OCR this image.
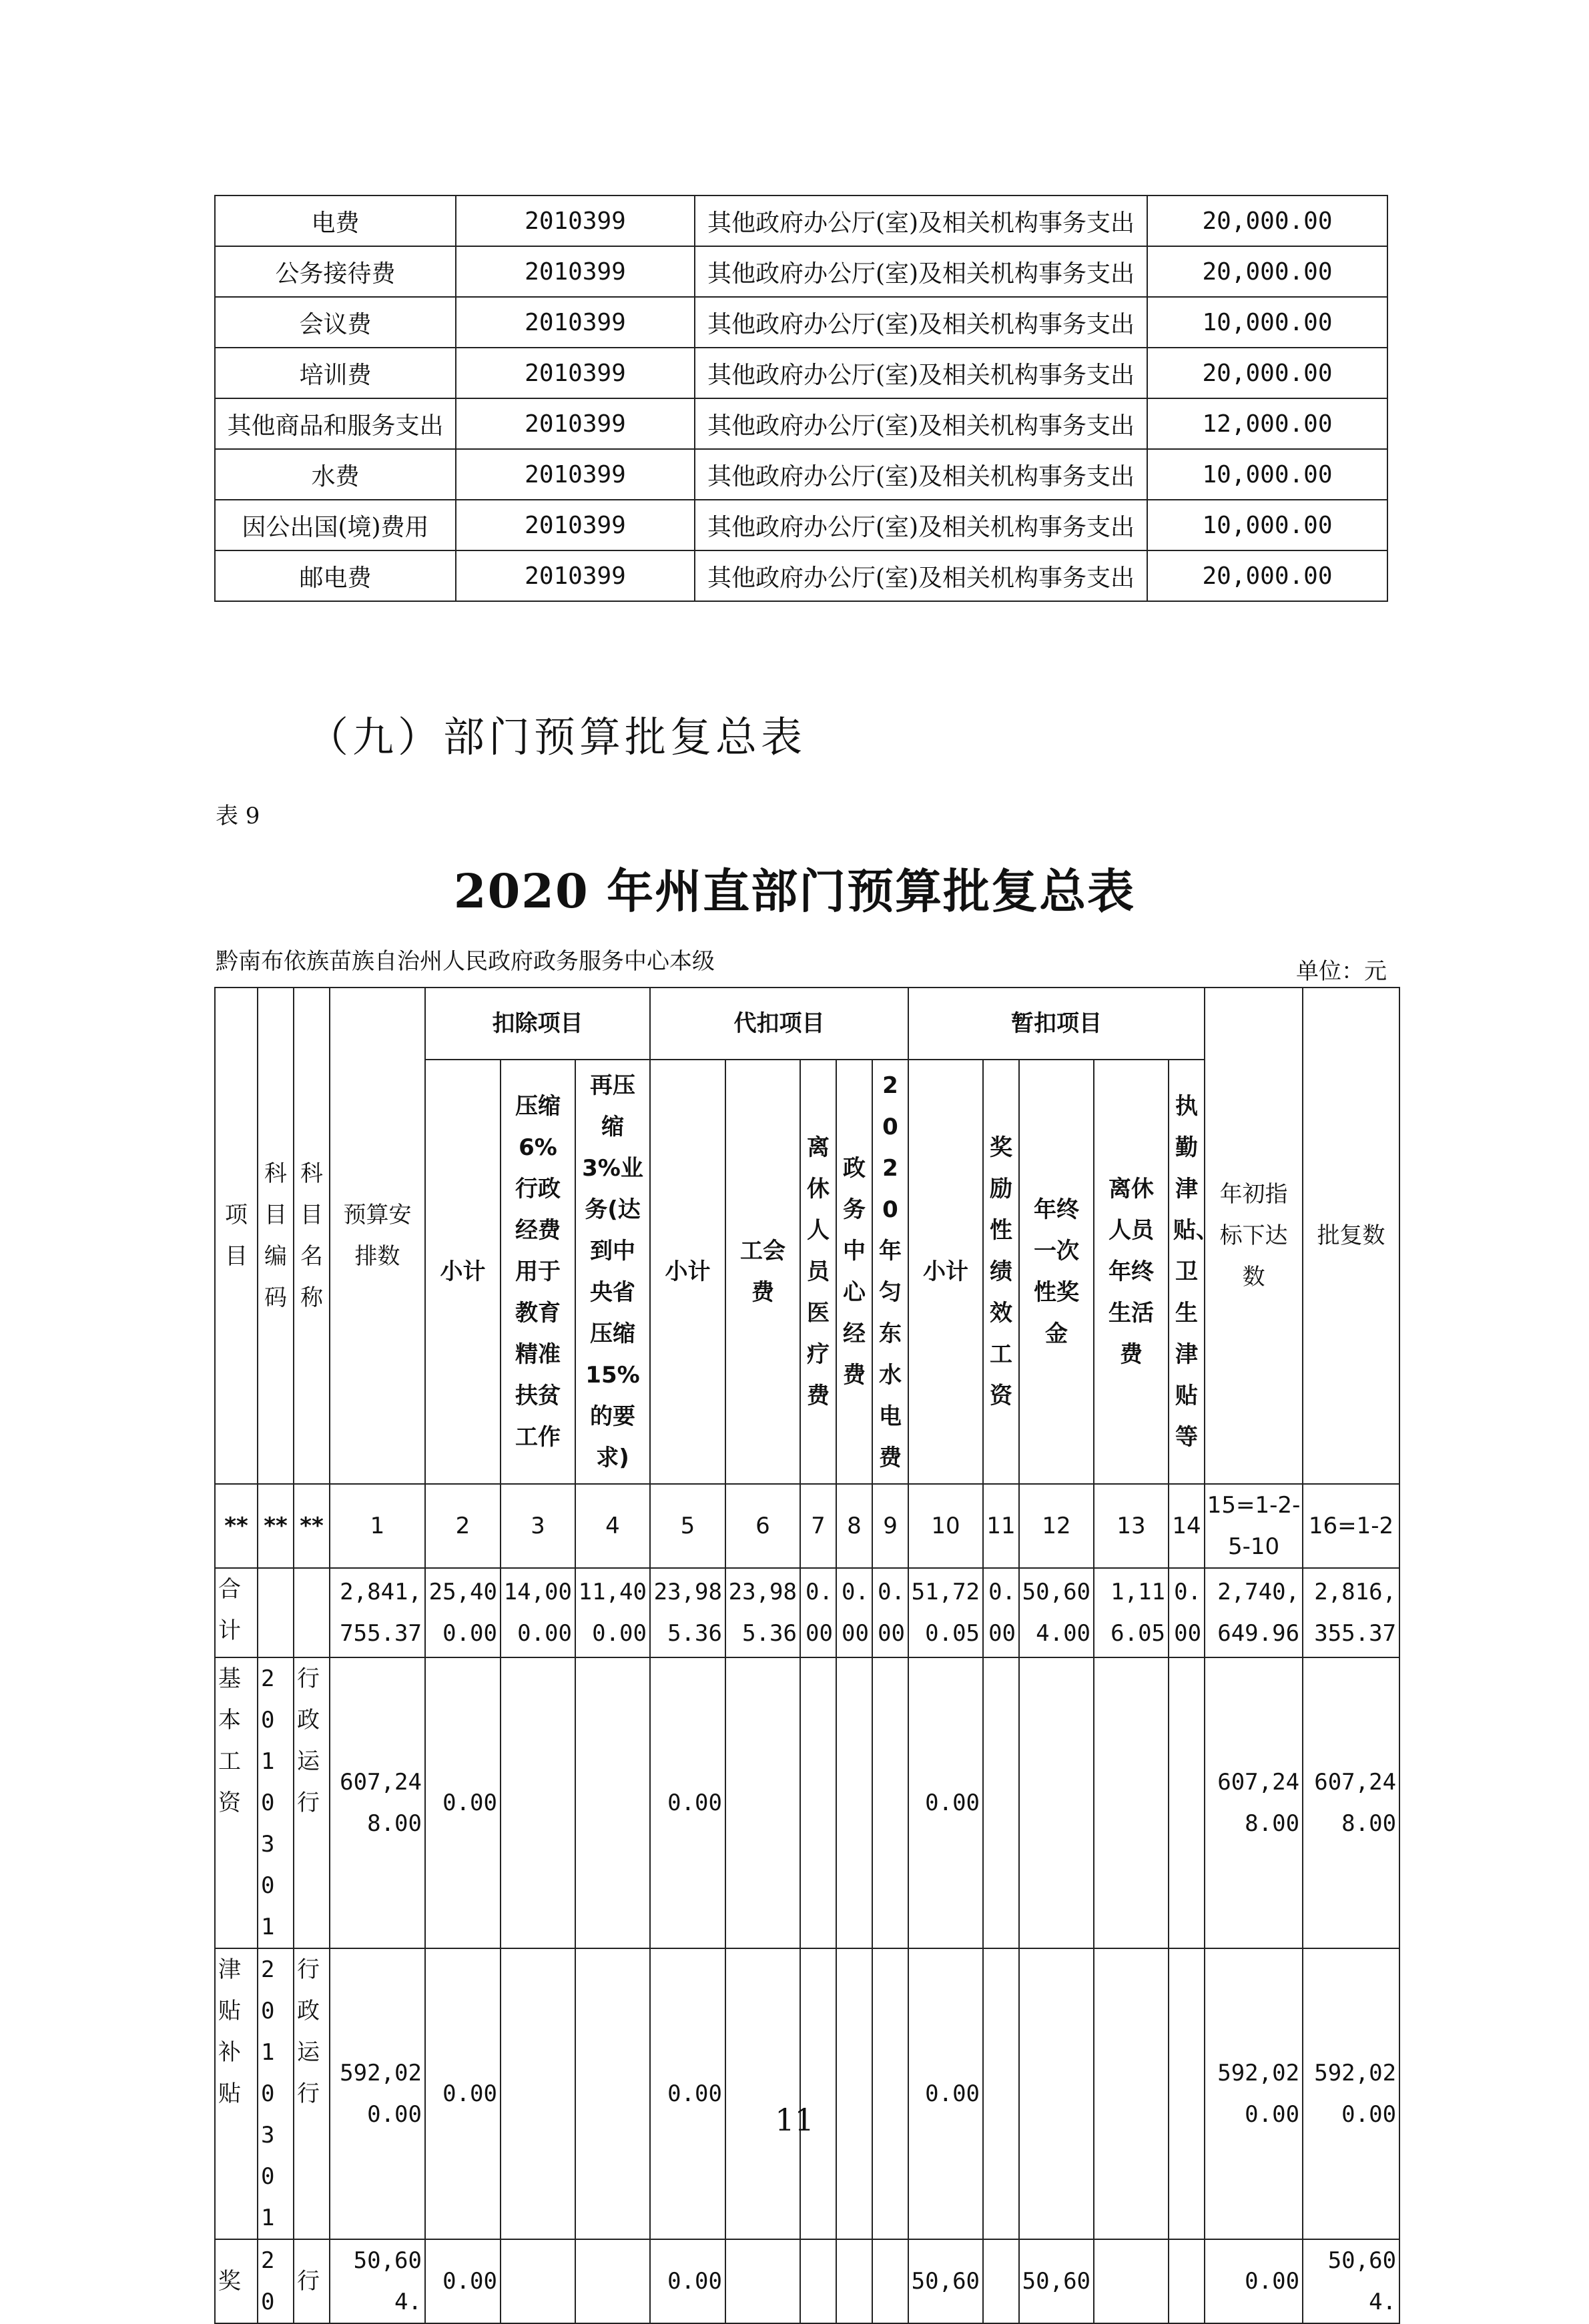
电费	2010399	其他政府办公厅(室)及相关机构事务支出	20,000.00
公务接待费	2010399	其他政府办公厅(室)及相关机构事务支出	20,000.00
会议费	2010399	其他政府办公厅(室)及相关机构事务支出	10,000.00
培训费	2010399	其他政府办公厅(室)及相关机构事务支出	20,000.00
其他商品和服务支出	2010399	其他政府办公厅(室)及相关机构事务支出	12,000.00
水费	2010399	其他政府办公厅(室)及相关机构事务支出	10,000.00
因公出国(境)费用	2010399	其他政府办公厅(室)及相关机构事务支出	10,000.00
邮电费	2010399	其他政府办公厅(室)及相关机构事务支出	20,000.00
（九）部门预算批复总表
表 9
2020 年州直部门预算批复总表
黔南布依族苗族自治州人民政府政务服务中心本级	单位：元
项目	科目编码	科目名称	预算安排数	扣除项目			代扣项目					暂扣项目					年初指标下达数	批复数
				小计	压缩6%行政经费用于教育精准扶贫工作	再压缩 3%业务(达到中央省压缩 15%的要求)	小计	工会费	离休人员医疗费	政务中心经费	2020年匀东水电费	小计	奖励性绩效工资	年终一次性奖金	离休人员年终生活费	执勤津贴、卫生津贴等		
**	**	**	1	2	3	4	5	6	7	8	9	10	11	12	13	14	15=1-2-5-10	16=1-2
合计			2,841,755.37	25,400.00	14,000.00	11,400.00	23,985.36	23,985.36	0.00	0.00	0.00	51,720.05	0.00	50,604.00	1,116.05	0.00	2,740,649.96	2,816,355.37
基本工资	2010301	行政运行	607,248.00	0.00			0.00					0.00					607,248.00	607,248.00
津贴补贴	2010301	行政运行	592,020.00	0.00			0.00					0.00					592,020.00	592,020.00
奖	20	行	50,604.	0.00			0.00					50,60		50,60			0.00	50,604.
11
